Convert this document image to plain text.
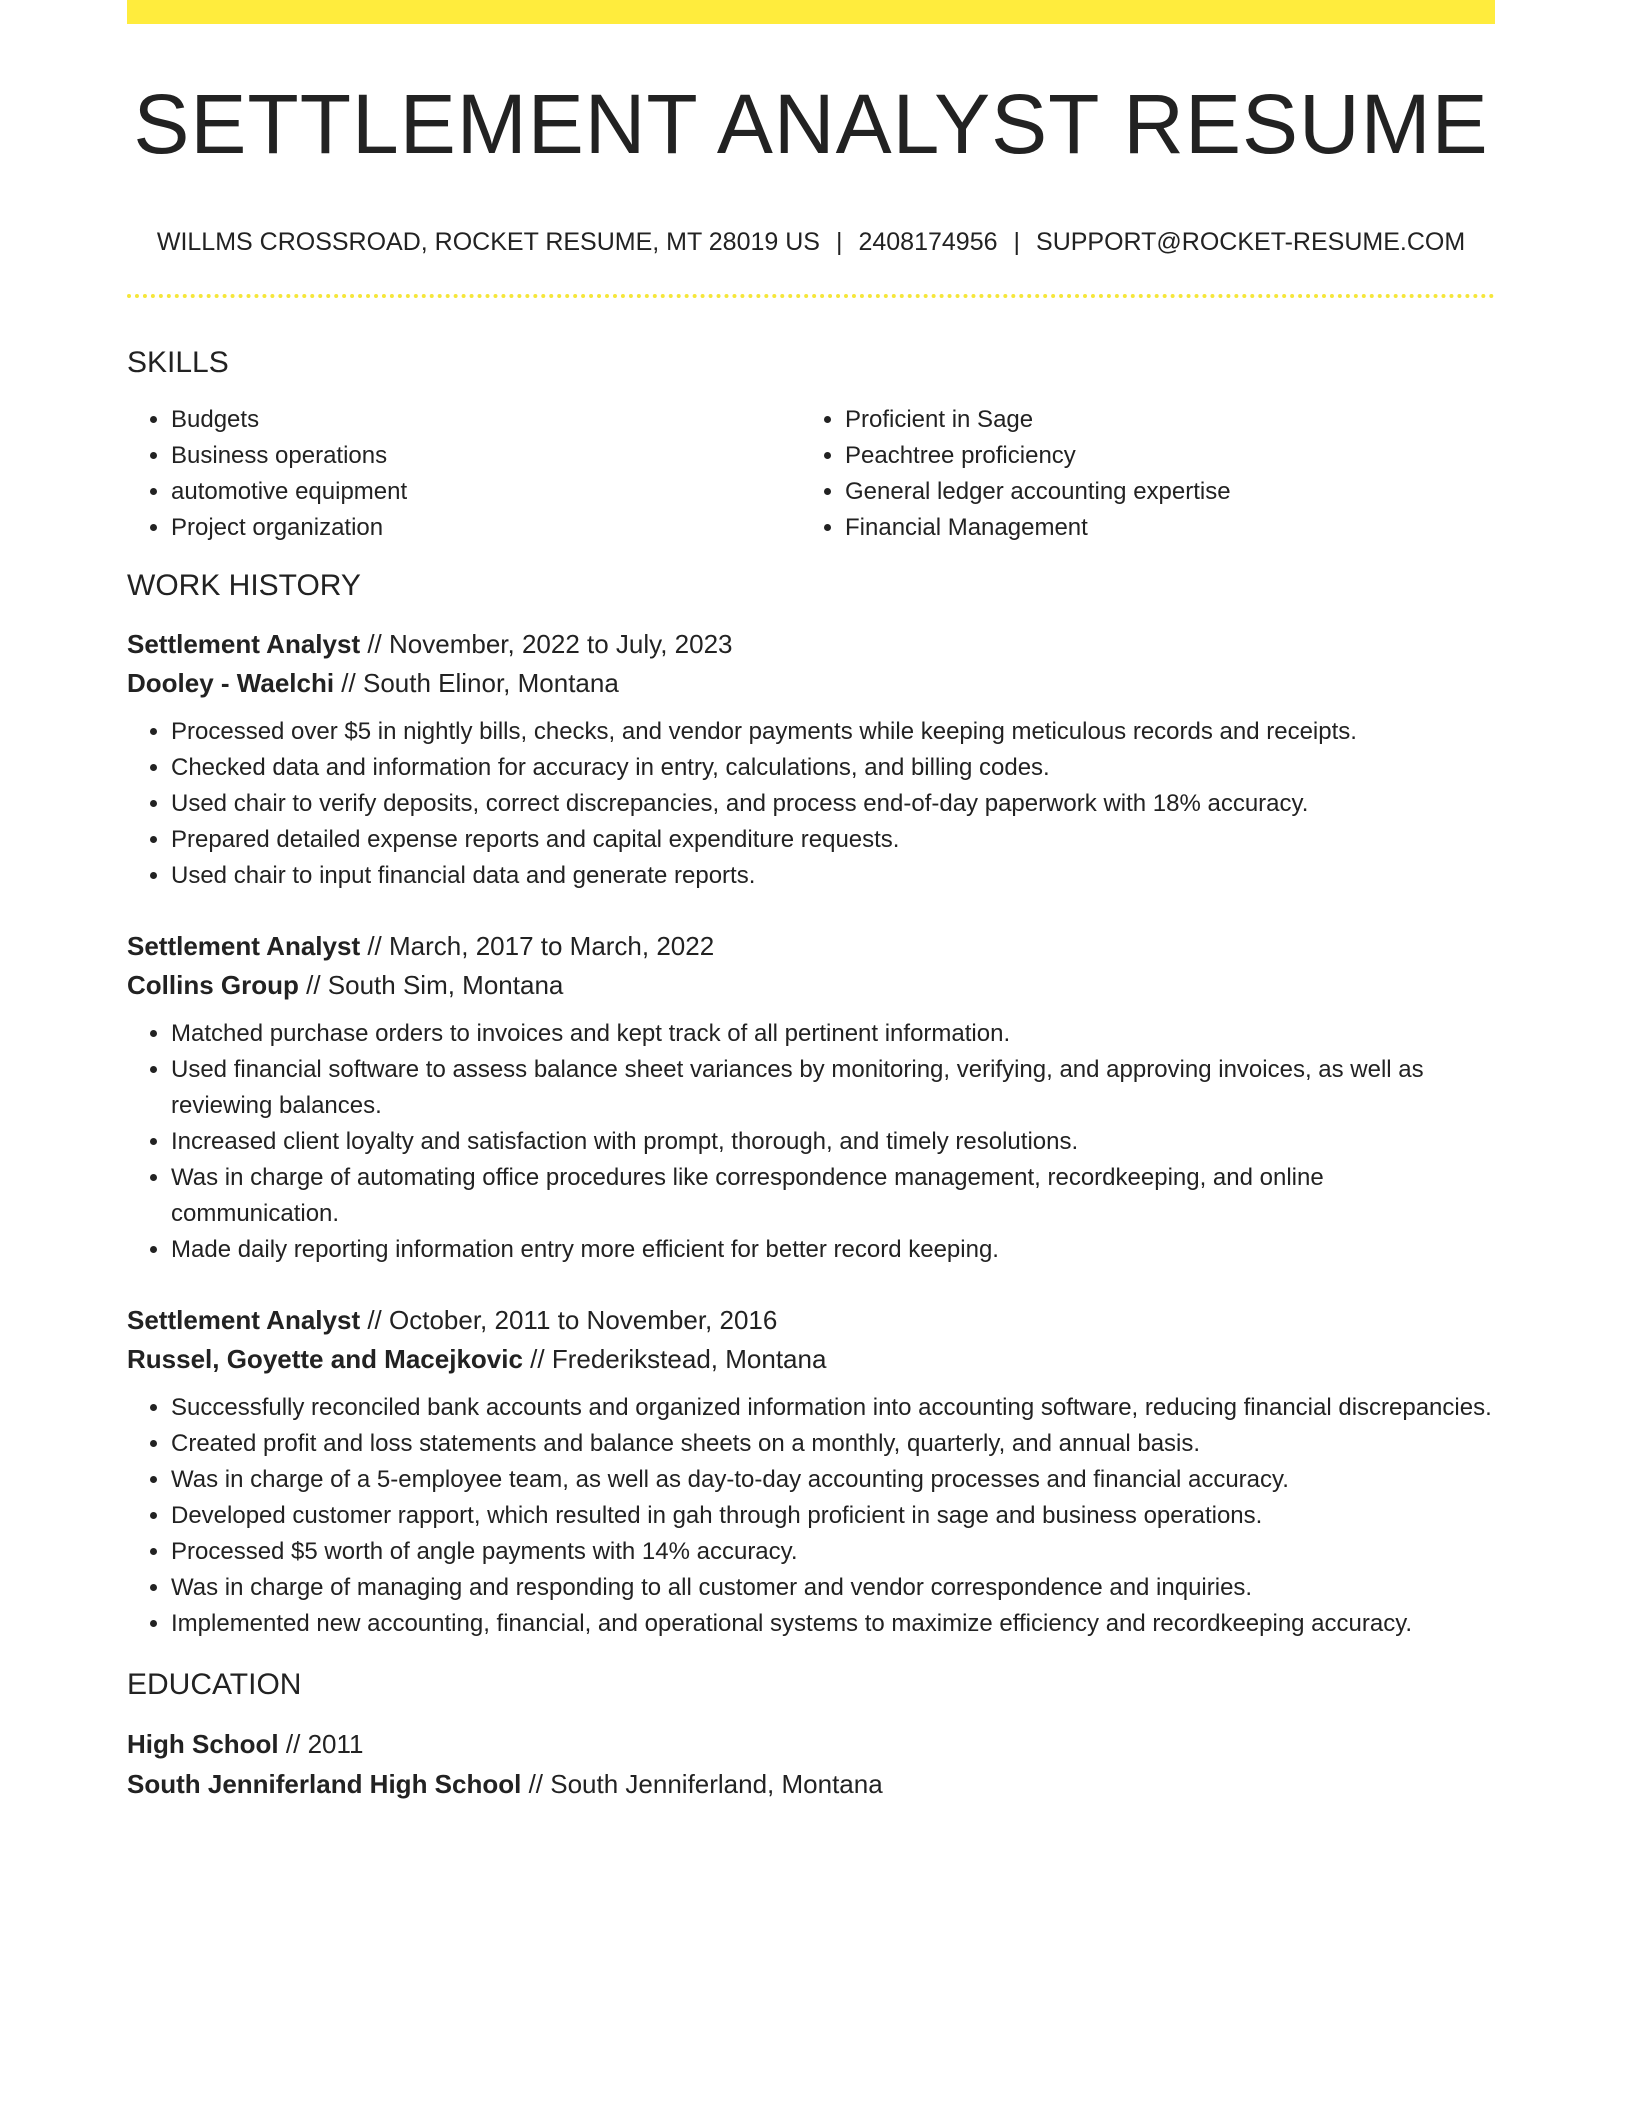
SETTLEMENT ANALYST RESUME
WILLMS CROSSROAD, ROCKET RESUME, MT 28019 US | 2408174956 | SUPPORT@ROCKET-RESUME.COM
SKILLS
• Budgets
• Business operations
• automotive equipment
• Project organization
• Proficient in Sage
• Peachtree proficiency
• General ledger accounting expertise
• Financial Management
WORK HISTORY
Settlement Analyst // November, 2022 to July, 2023
Dooley - Waelchi // South Elinor, Montana
• Processed over $5 in nightly bills, checks, and vendor payments while keeping meticulous records and receipts.
• Checked data and information for accuracy in entry, calculations, and billing codes.
• Used chair to verify deposits, correct discrepancies, and process end-of-day paperwork with 18% accuracy.
• Prepared detailed expense reports and capital expenditure requests.
• Used chair to input financial data and generate reports.
Settlement Analyst // March, 2017 to March, 2022
Collins Group // South Sim, Montana
• Matched purchase orders to invoices and kept track of all pertinent information.
• Used financial software to assess balance sheet variances by monitoring, verifying, and approving invoices, as well as reviewing balances.
• Increased client loyalty and satisfaction with prompt, thorough, and timely resolutions.
• Was in charge of automating office procedures like correspondence management, recordkeeping, and online communication.
• Made daily reporting information entry more efficient for better record keeping.
Settlement Analyst // October, 2011 to November, 2016
Russel, Goyette and Macejkovic // Frederikstead, Montana
• Successfully reconciled bank accounts and organized information into accounting software, reducing financial discrepancies.
• Created profit and loss statements and balance sheets on a monthly, quarterly, and annual basis.
• Was in charge of a 5-employee team, as well as day-to-day accounting processes and financial accuracy.
• Developed customer rapport, which resulted in gah through proficient in sage and business operations.
• Processed $5 worth of angle payments with 14% accuracy.
• Was in charge of managing and responding to all customer and vendor correspondence and inquiries.
• Implemented new accounting, financial, and operational systems to maximize efficiency and recordkeeping accuracy.
EDUCATION
High School // 2011
South Jenniferland High School // South Jenniferland, Montana
